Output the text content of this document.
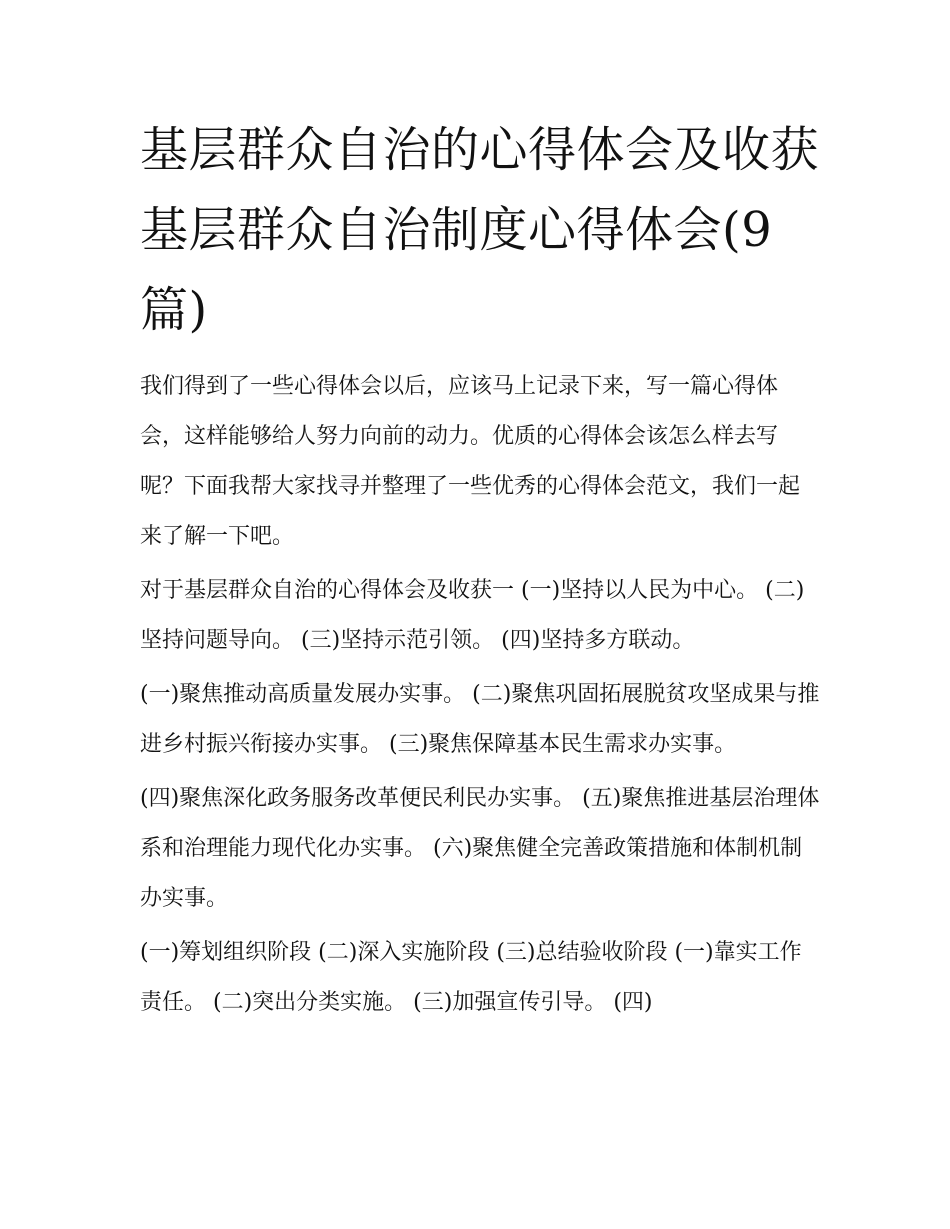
基层群众自治的心得体会及收获 基层群众自治制度心得体会(9篇)

我们得到了一些心得体会以后，应该马上记录下来，写一篇心得体会，这样能够给人努力向前的动力。优质的心得体会该怎么样去写呢？下面我帮大家找寻并整理了一些优秀的心得体会范文，我们一起来了解一下吧。

对于基层群众自治的心得体会及收获一 (一)坚持以人民为中心。 (二)坚持问题导向。 (三)坚持示范引领。 (四)坚持多方联动。

(一)聚焦推动高质量发展办实事。 (二)聚焦巩固拓展脱贫攻坚成果与推进乡村振兴衔接办实事。 (三)聚焦保障基本民生需求办实事。

(四)聚焦深化政务服务改革便民利民办实事。 (五)聚焦推进基层治理体系和治理能力现代化办实事。 (六)聚焦健全完善政策措施和体制机制办实事。

(一)筹划组织阶段 (二)深入实施阶段 (三)总结验收阶段 (一)靠实工作责任。 (二)突出分类实施。 (三)加强宣传引导。 (四)
